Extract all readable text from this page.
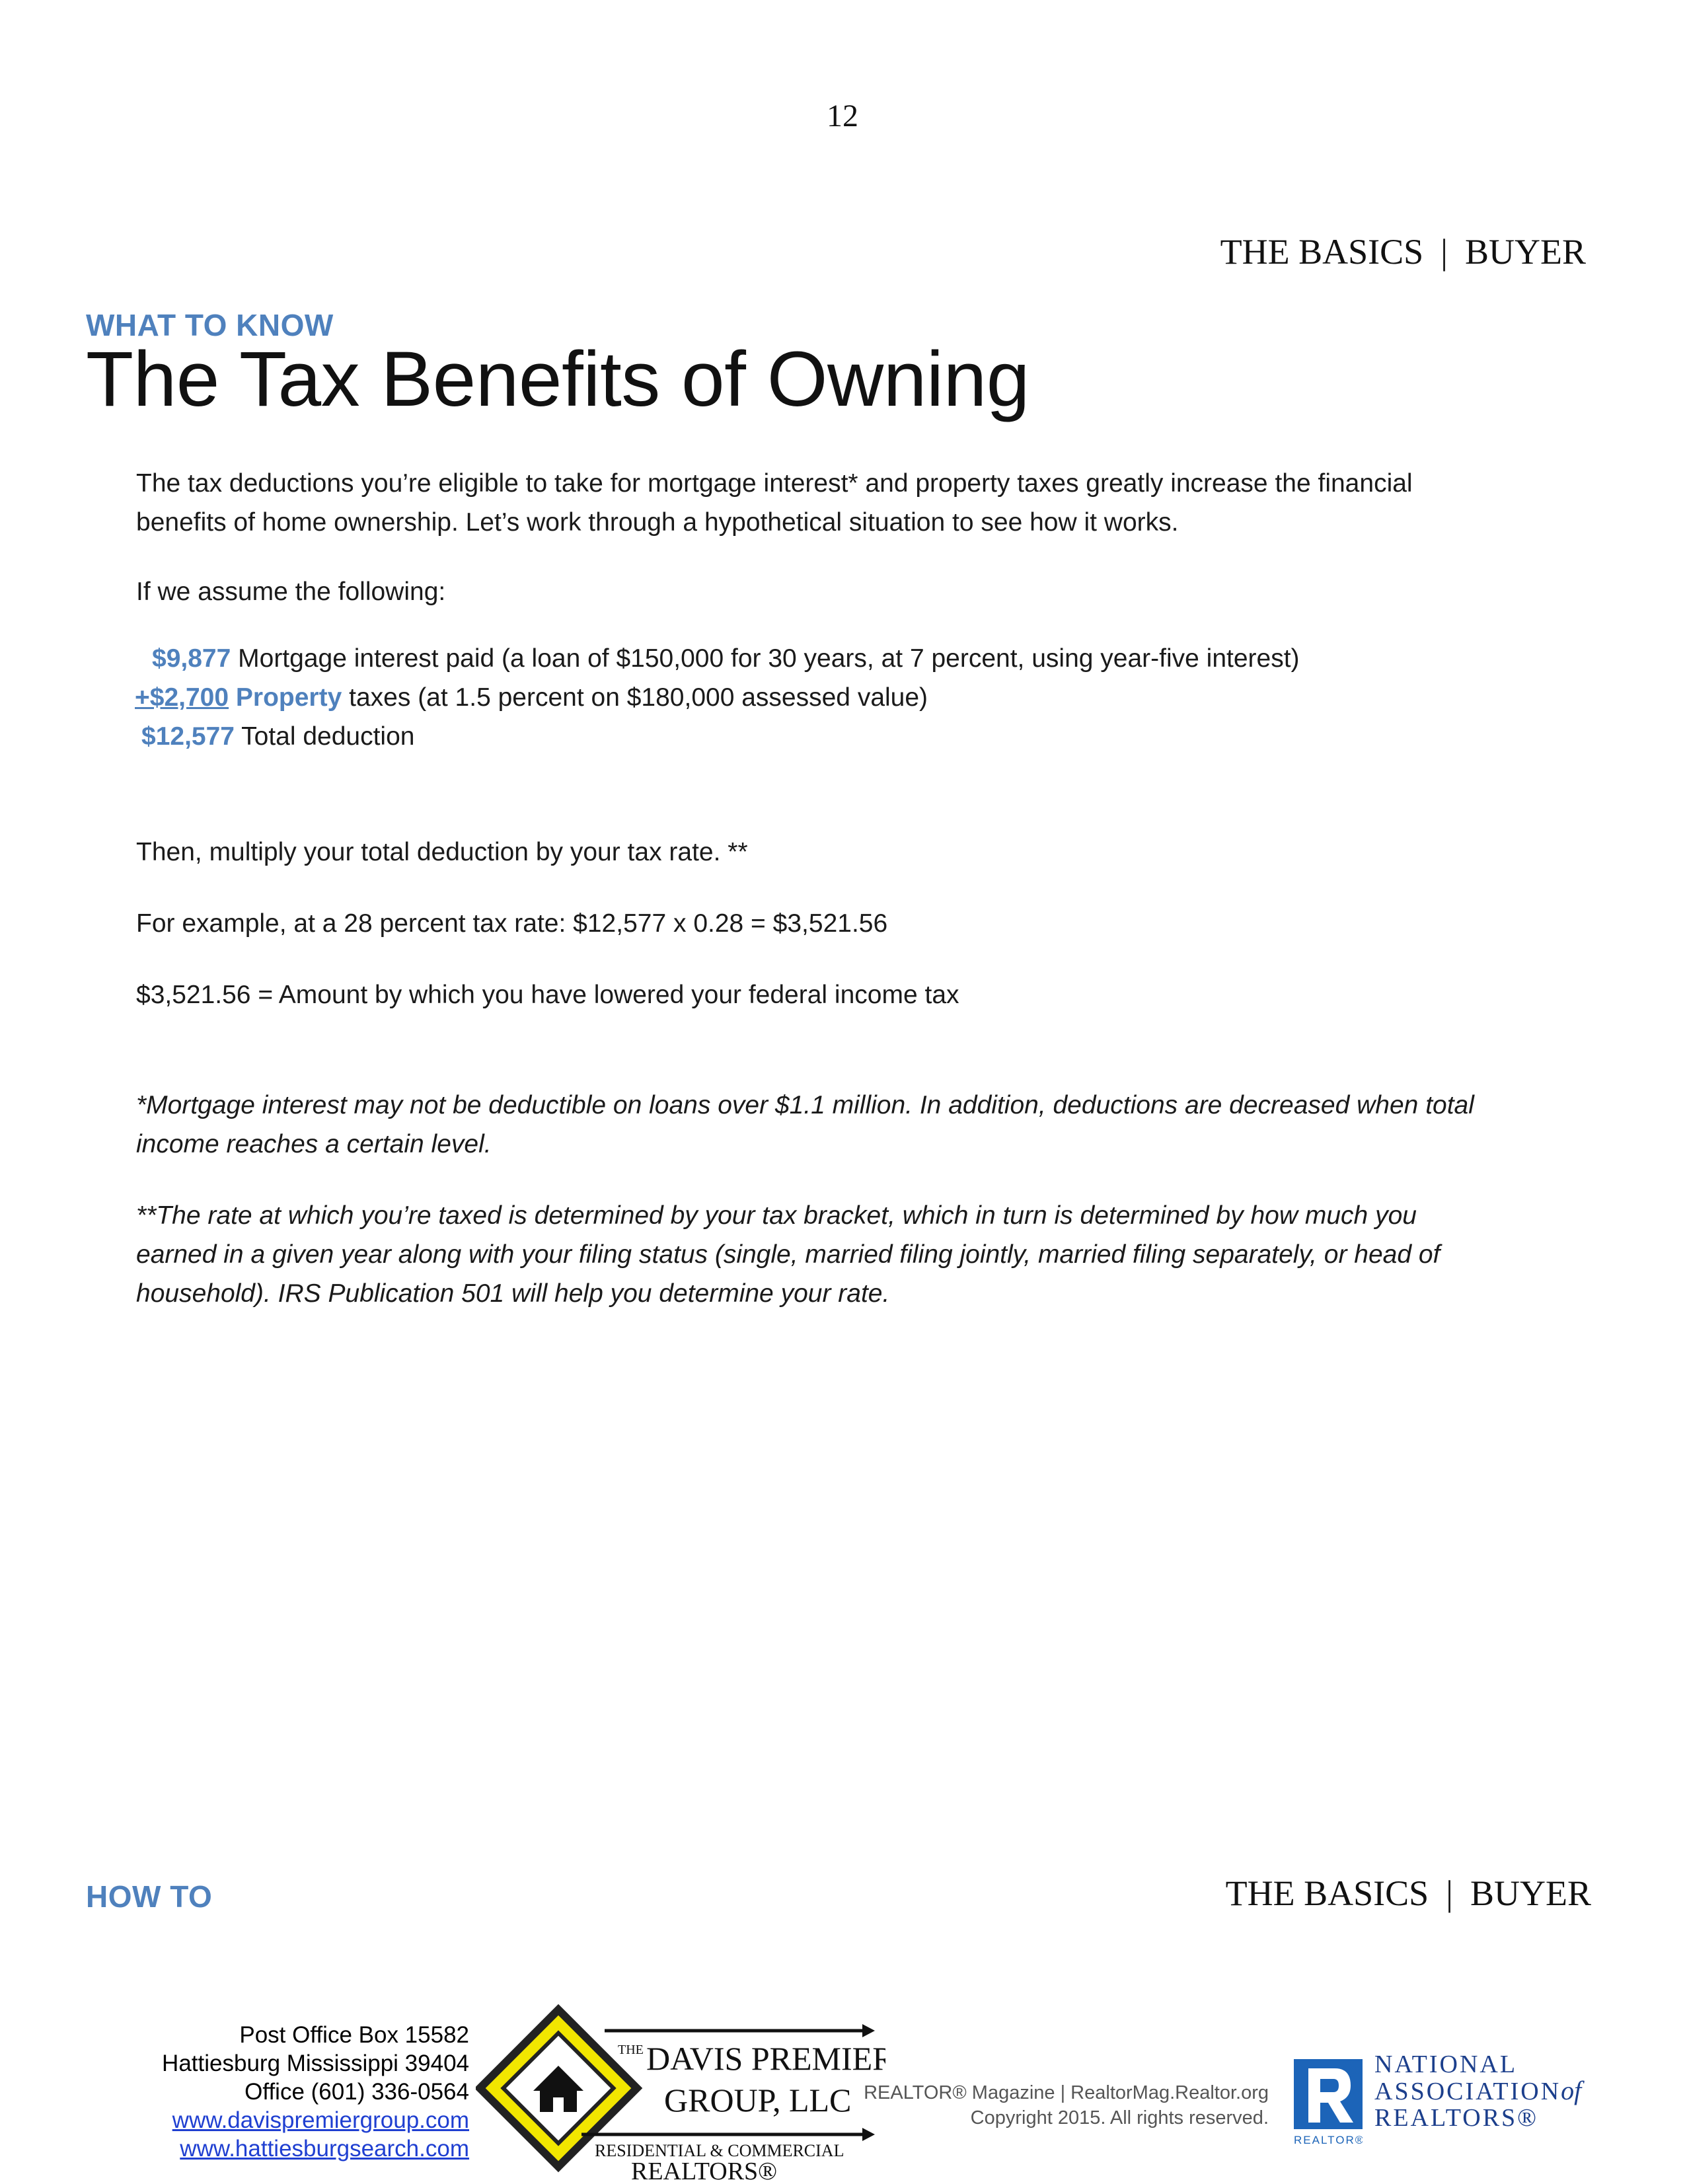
12
THE BASICS | BUYER
WHAT TO KNOW
The Tax Benefits of Owning
The tax deductions you’re eligible to take for mortgage interest* and property taxes greatly increase the financial benefits of home ownership. Let’s work through a hypothetical situation to see how it works.
If we assume the following:
$9,877 Mortgage interest paid (a loan of $150,000 for 30 years, at 7 percent, using year-five interest)
+$2,700 Property taxes (at 1.5 percent on $180,000 assessed value)
$12,577 Total deduction
Then, multiply your total deduction by your tax rate. **
For example, at a 28 percent tax rate: $12,577 x 0.28 = $3,521.56
$3,521.56 = Amount by which you have lowered your federal income tax
*Mortgage interest may not be deductible on loans over $1.1 million. In addition, deductions are decreased when total income reaches a certain level.
**The rate at which you’re taxed is determined by your tax bracket, which in turn is determined by how much you earned in a given year along with your filing status (single, married filing jointly, married filing separately, or head of household). IRS Publication 501 will help you determine your rate.
HOW TO	THE BASICS | BUYER
Post Office Box 15582
Hattiesburg Mississippi 39404
Office (601) 336-0564
www.davispremiergroup.com
www.hattiesburgsearch.com
THE DAVIS PREMIER
GROUP, LLC
RESIDENTIAL & COMMERCIAL
REALTORS®
REALTOR® Magazine | RealtorMag.Realtor.org
Copyright 2015. All rights reserved.
REALTOR®
NATIONAL
ASSOCIATIONof
REALTORS®
